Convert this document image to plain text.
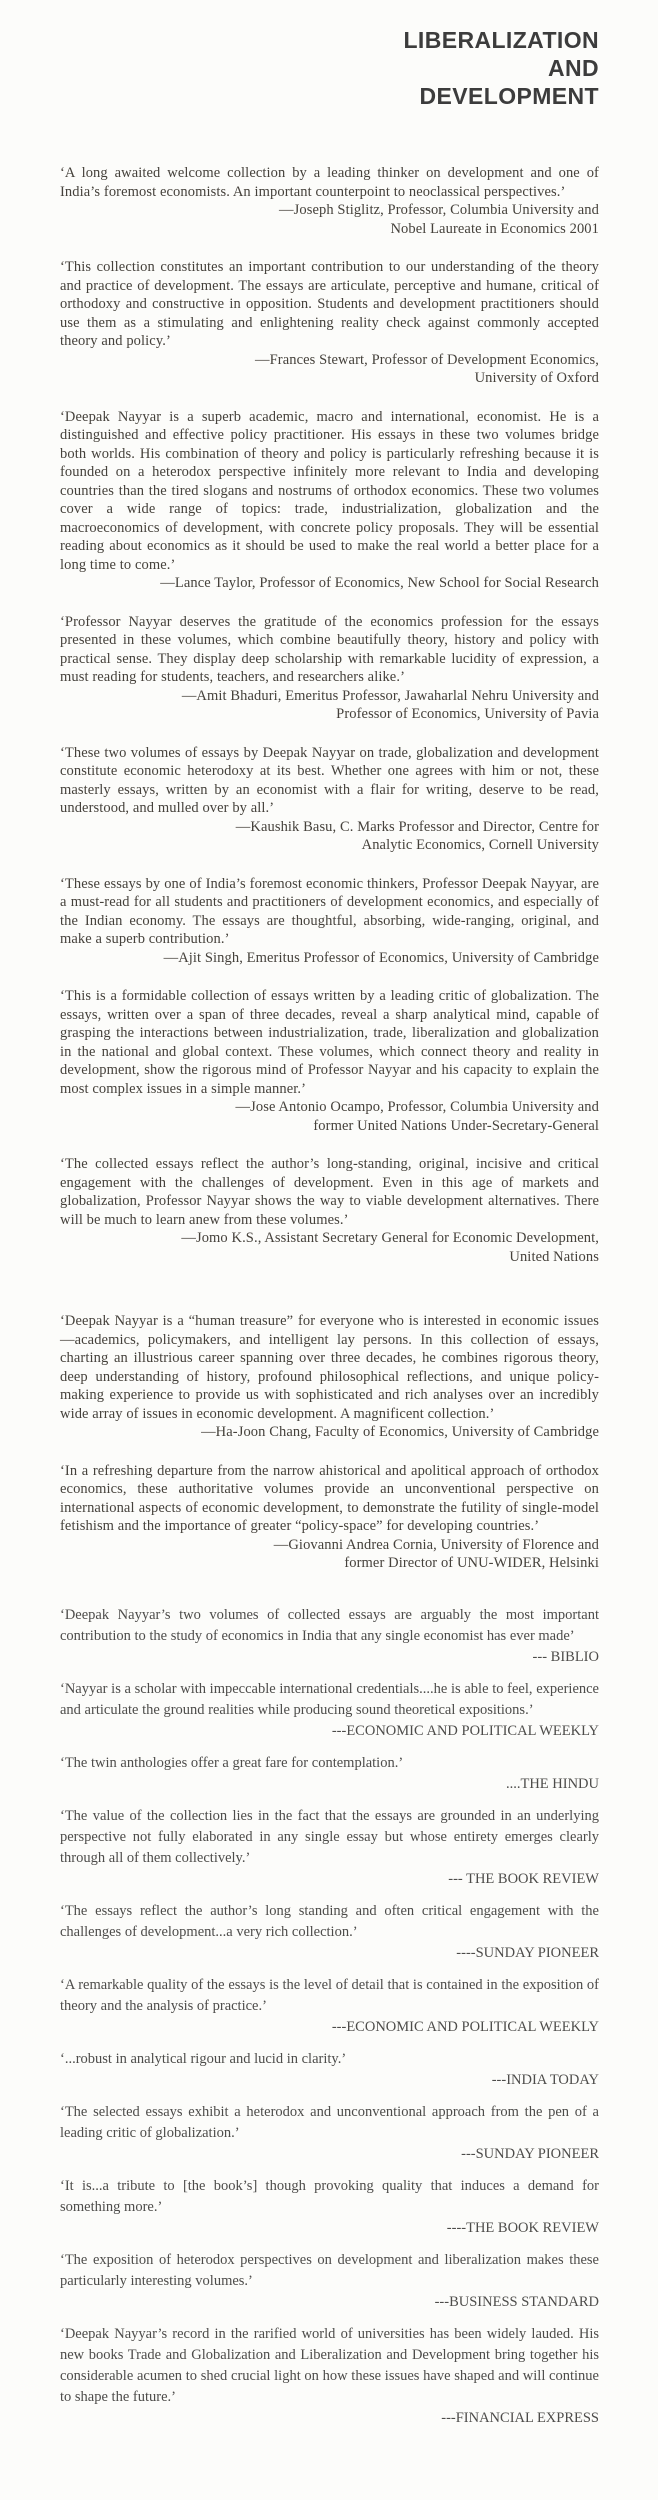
LIBERALIZATION
AND
DEVELOPMENT

‘A long awaited welcome collection by a leading thinker on development and one of India’s foremost economists. An important counterpoint to neoclassical perspectives.’

—Joseph Stiglitz, Professor, Columbia University and
Nobel Laureate in Economics 2001

‘This collection constitutes an important contribution to our understanding of the theory and practice of development. The essays are articulate, perceptive and humane, critical of orthodoxy and constructive in opposition. Students and development practitioners should use them as a stimulating and enlightening reality check against commonly accepted theory and policy.’

—Frances Stewart, Professor of Development Economics,
University of Oxford

‘Deepak Nayyar is a superb academic, macro and international, economist. He is a distinguished and effective policy practitioner. His essays in these two volumes bridge both worlds. His combination of theory and policy is particularly refreshing because it is founded on a heterodox perspective infinitely more relevant to India and developing countries than the tired slogans and nostrums of orthodox economics. These two volumes cover a wide range of topics: trade, industrialization, globalization and the macroeconomics of development, with concrete policy proposals. They will be essential reading about economics as it should be used to make the real world a better place for a long time to come.’

—Lance Taylor, Professor of Economics, New School for Social Research

‘Professor Nayyar deserves the gratitude of the economics profession for the essays presented in these volumes, which combine beautifully theory, history and policy with practical sense. They display deep scholarship with remarkable lucidity of expression, a must reading for students, teachers, and researchers alike.’

—Amit Bhaduri, Emeritus Professor, Jawaharlal Nehru University and
Professor of Economics, University of Pavia

‘These two volumes of essays by Deepak Nayyar on trade, globalization and development constitute economic heterodoxy at its best. Whether one agrees with him or not, these masterly essays, written by an economist with a flair for writing, deserve to be read, understood, and mulled over by all.’

—Kaushik Basu, C. Marks Professor and Director, Centre for
Analytic Economics, Cornell University

‘These essays by one of India’s foremost economic thinkers, Professor Deepak Nayyar, are a must-read for all students and practitioners of development economics, and especially of the Indian economy. The essays are thoughtful, absorbing, wide-ranging, original, and make a superb contribution.’

—Ajit Singh, Emeritus Professor of Economics, University of Cambridge

‘This is a formidable collection of essays written by a leading critic of globalization. The essays, written over a span of three decades, reveal a sharp analytical mind, capable of grasping the interactions between industrialization, trade, liberalization and globalization in the national and global context. These volumes, which connect theory and reality in development, show the rigorous mind of Professor Nayyar and his capacity to explain the most complex issues in a simple manner.’

—Jose Antonio Ocampo, Professor, Columbia University and
former United Nations Under-Secretary-General

‘The collected essays reflect the author’s long-standing, original, incisive and critical engagement with the challenges of development. Even in this age of markets and globalization, Professor Nayyar shows the way to viable development alternatives. There will be much to learn anew from these volumes.’

—Jomo K.S., Assistant Secretary General for Economic Development,
United Nations

‘Deepak Nayyar is a “human treasure” for everyone who is interested in economic issues—academics, policymakers, and intelligent lay persons. In this collection of essays, charting an illustrious career spanning over three decades, he combines rigorous theory, deep understanding of history, profound philosophical reflections, and unique policy-making experience to provide us with sophisticated and rich analyses over an incredibly wide array of issues in economic development. A magnificent collection.’

—Ha-Joon Chang, Faculty of Economics, University of Cambridge

‘In a refreshing departure from the narrow ahistorical and apolitical approach of orthodox economics, these authoritative volumes provide an unconventional perspective on international aspects of economic development, to demonstrate the futility of single-model fetishism and the importance of greater “policy-space” for developing countries.’

—Giovanni Andrea Cornia, University of Florence and
former Director of UNU-WIDER, Helsinki

‘Deepak Nayyar’s two volumes of collected essays are arguably the most important contribution to the study of economics in India that any single economist has ever made’

--- BIBLIO

‘Nayyar is a scholar with impeccable international credentials....he is able to feel, experience and articulate the ground realities while producing sound theoretical expositions.’

---ECONOMIC AND POLITICAL WEEKLY

‘The twin anthologies offer a great fare for contemplation.’

....THE HINDU

‘The value of the collection lies in the fact that the essays are grounded in an underlying perspective not fully elaborated in any single essay but whose entirety emerges clearly through all of them collectively.’

--- THE BOOK REVIEW

‘The essays reflect the author’s long standing and often critical engagement with the challenges of development...a very rich collection.’

----SUNDAY PIONEER

‘A remarkable quality of the essays is the level of detail that is contained in the exposition of theory and the analysis of practice.’

---ECONOMIC AND POLITICAL WEEKLY

‘...robust in analytical rigour and lucid in clarity.’

---INDIA TODAY

‘The selected essays exhibit a heterodox and unconventional approach from the pen of a leading critic of globalization.’

---SUNDAY PIONEER

‘It is...a tribute to [the book’s] though provoking quality that induces a demand for something more.’

----THE BOOK REVIEW

‘The exposition of heterodox perspectives on development and liberalization makes these particularly interesting volumes.’

---BUSINESS STANDARD

‘Deepak Nayyar’s record in the rarified world of universities has been widely lauded. His new books Trade and Globalization and Liberalization and Development bring together his considerable acumen to shed crucial light on how these issues have shaped and will continue to shape the future.’

---FINANCIAL EXPRESS
